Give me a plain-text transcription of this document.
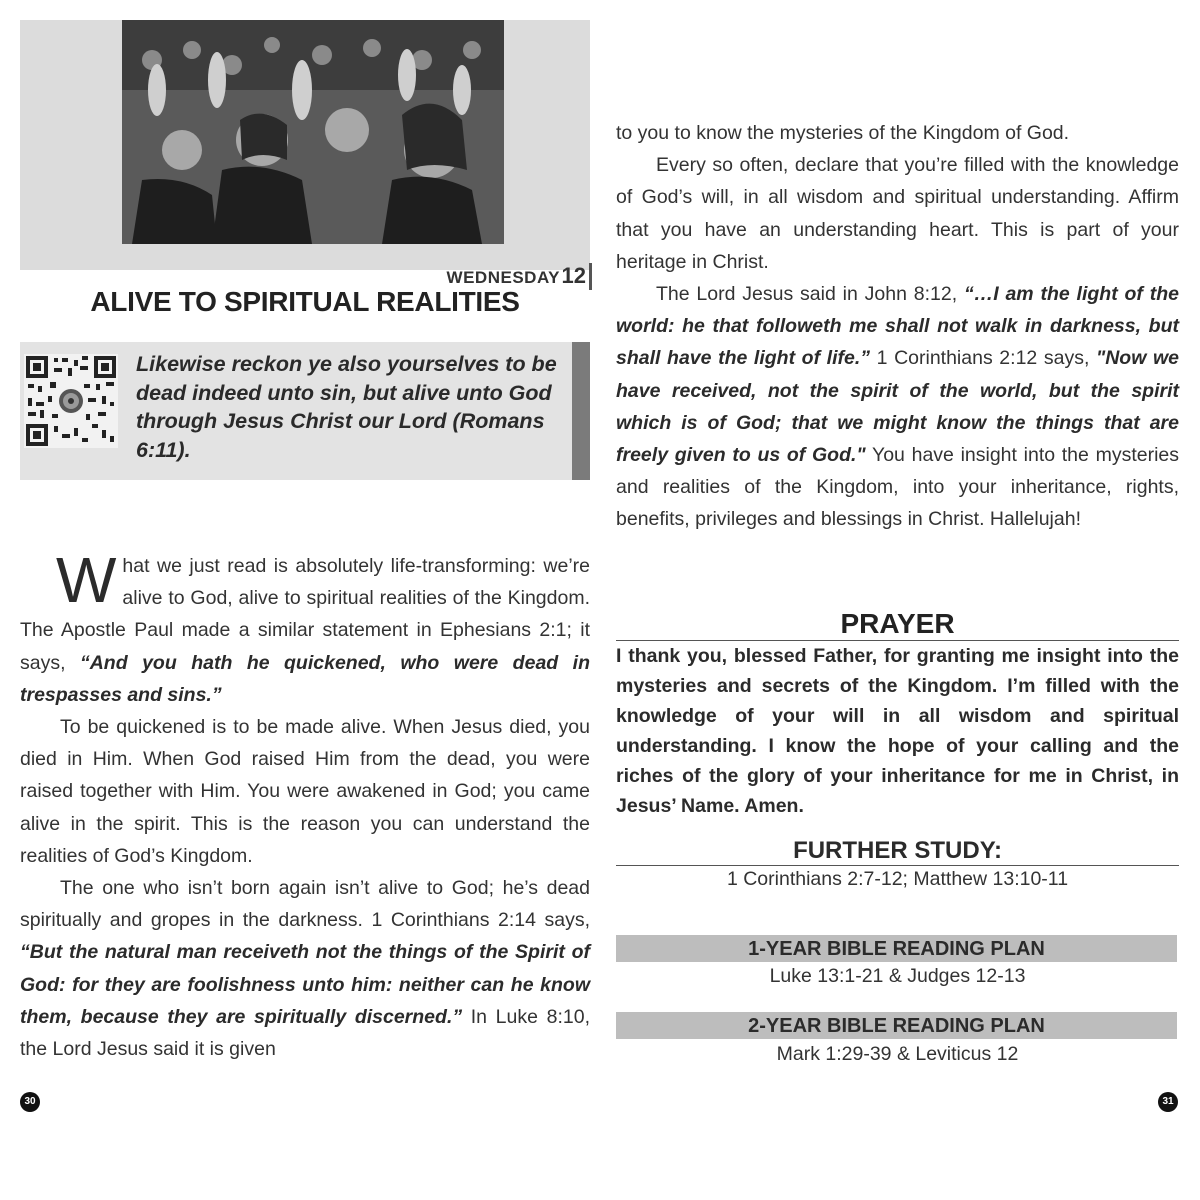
WEDNESDAY 12
ALIVE TO SPIRITUAL REALITIES
Likewise reckon ye also yourselves to be dead indeed unto sin, but alive unto God through Jesus Christ our Lord (Romans 6:11).

What we just read is absolutely life-transforming: we’re alive to God, alive to spiritual realities of the Kingdom. The Apostle Paul made a similar statement in Ephesians 2:1; it says, “And you hath he quickened, who were dead in trespasses and sins.”

To be quickened is to be made alive. When Jesus died, you died in Him. When God raised Him from the dead, you were raised together with Him. You were awakened in God; you came alive in the spirit. This is the reason you can understand the realities of God’s Kingdom.

The one who isn’t born again isn’t alive to God; he’s dead spiritually and gropes in the darkness. 1 Corinthians 2:14 says, “But the natural man receiveth not the things of the Spirit of God: for they are foolishness unto him: neither can he know them, because they are spiritually discerned.” In Luke 8:10, the Lord Jesus said it is given

30

to you to know the mysteries of the Kingdom of God.

Every so often, declare that you’re filled with the knowledge of God’s will, in all wisdom and spiritual understanding. Affirm that you have an understanding heart. This is part of your heritage in Christ.

The Lord Jesus said in John 8:12, “…I am the light of the world: he that followeth me shall not walk in darkness, but shall have the light of life.” 1 Corinthians 2:12 says, "Now we have received, not the spirit of the world, but the spirit which is of God; that we might know the things that are freely given to us of God." You have insight into the mysteries and realities of the Kingdom, into your inheritance, rights, benefits, privileges and blessings in Christ. Hallelujah!

PRAYER
I thank you, blessed Father, for granting me insight into the mysteries and secrets of the Kingdom. I’m filled with the knowledge of your will in all wisdom and spiritual understanding. I know the hope of your calling and the riches of the glory of your inheritance for me in Christ, in Jesus’ Name. Amen.
FURTHER STUDY:
1 Corinthians 2:7-12; Matthew 13:10-11
1-YEAR BIBLE READING PLAN
Luke 13:1-21 & Judges 12-13
2-YEAR BIBLE READING PLAN
Mark 1:29-39 & Leviticus 12
31
